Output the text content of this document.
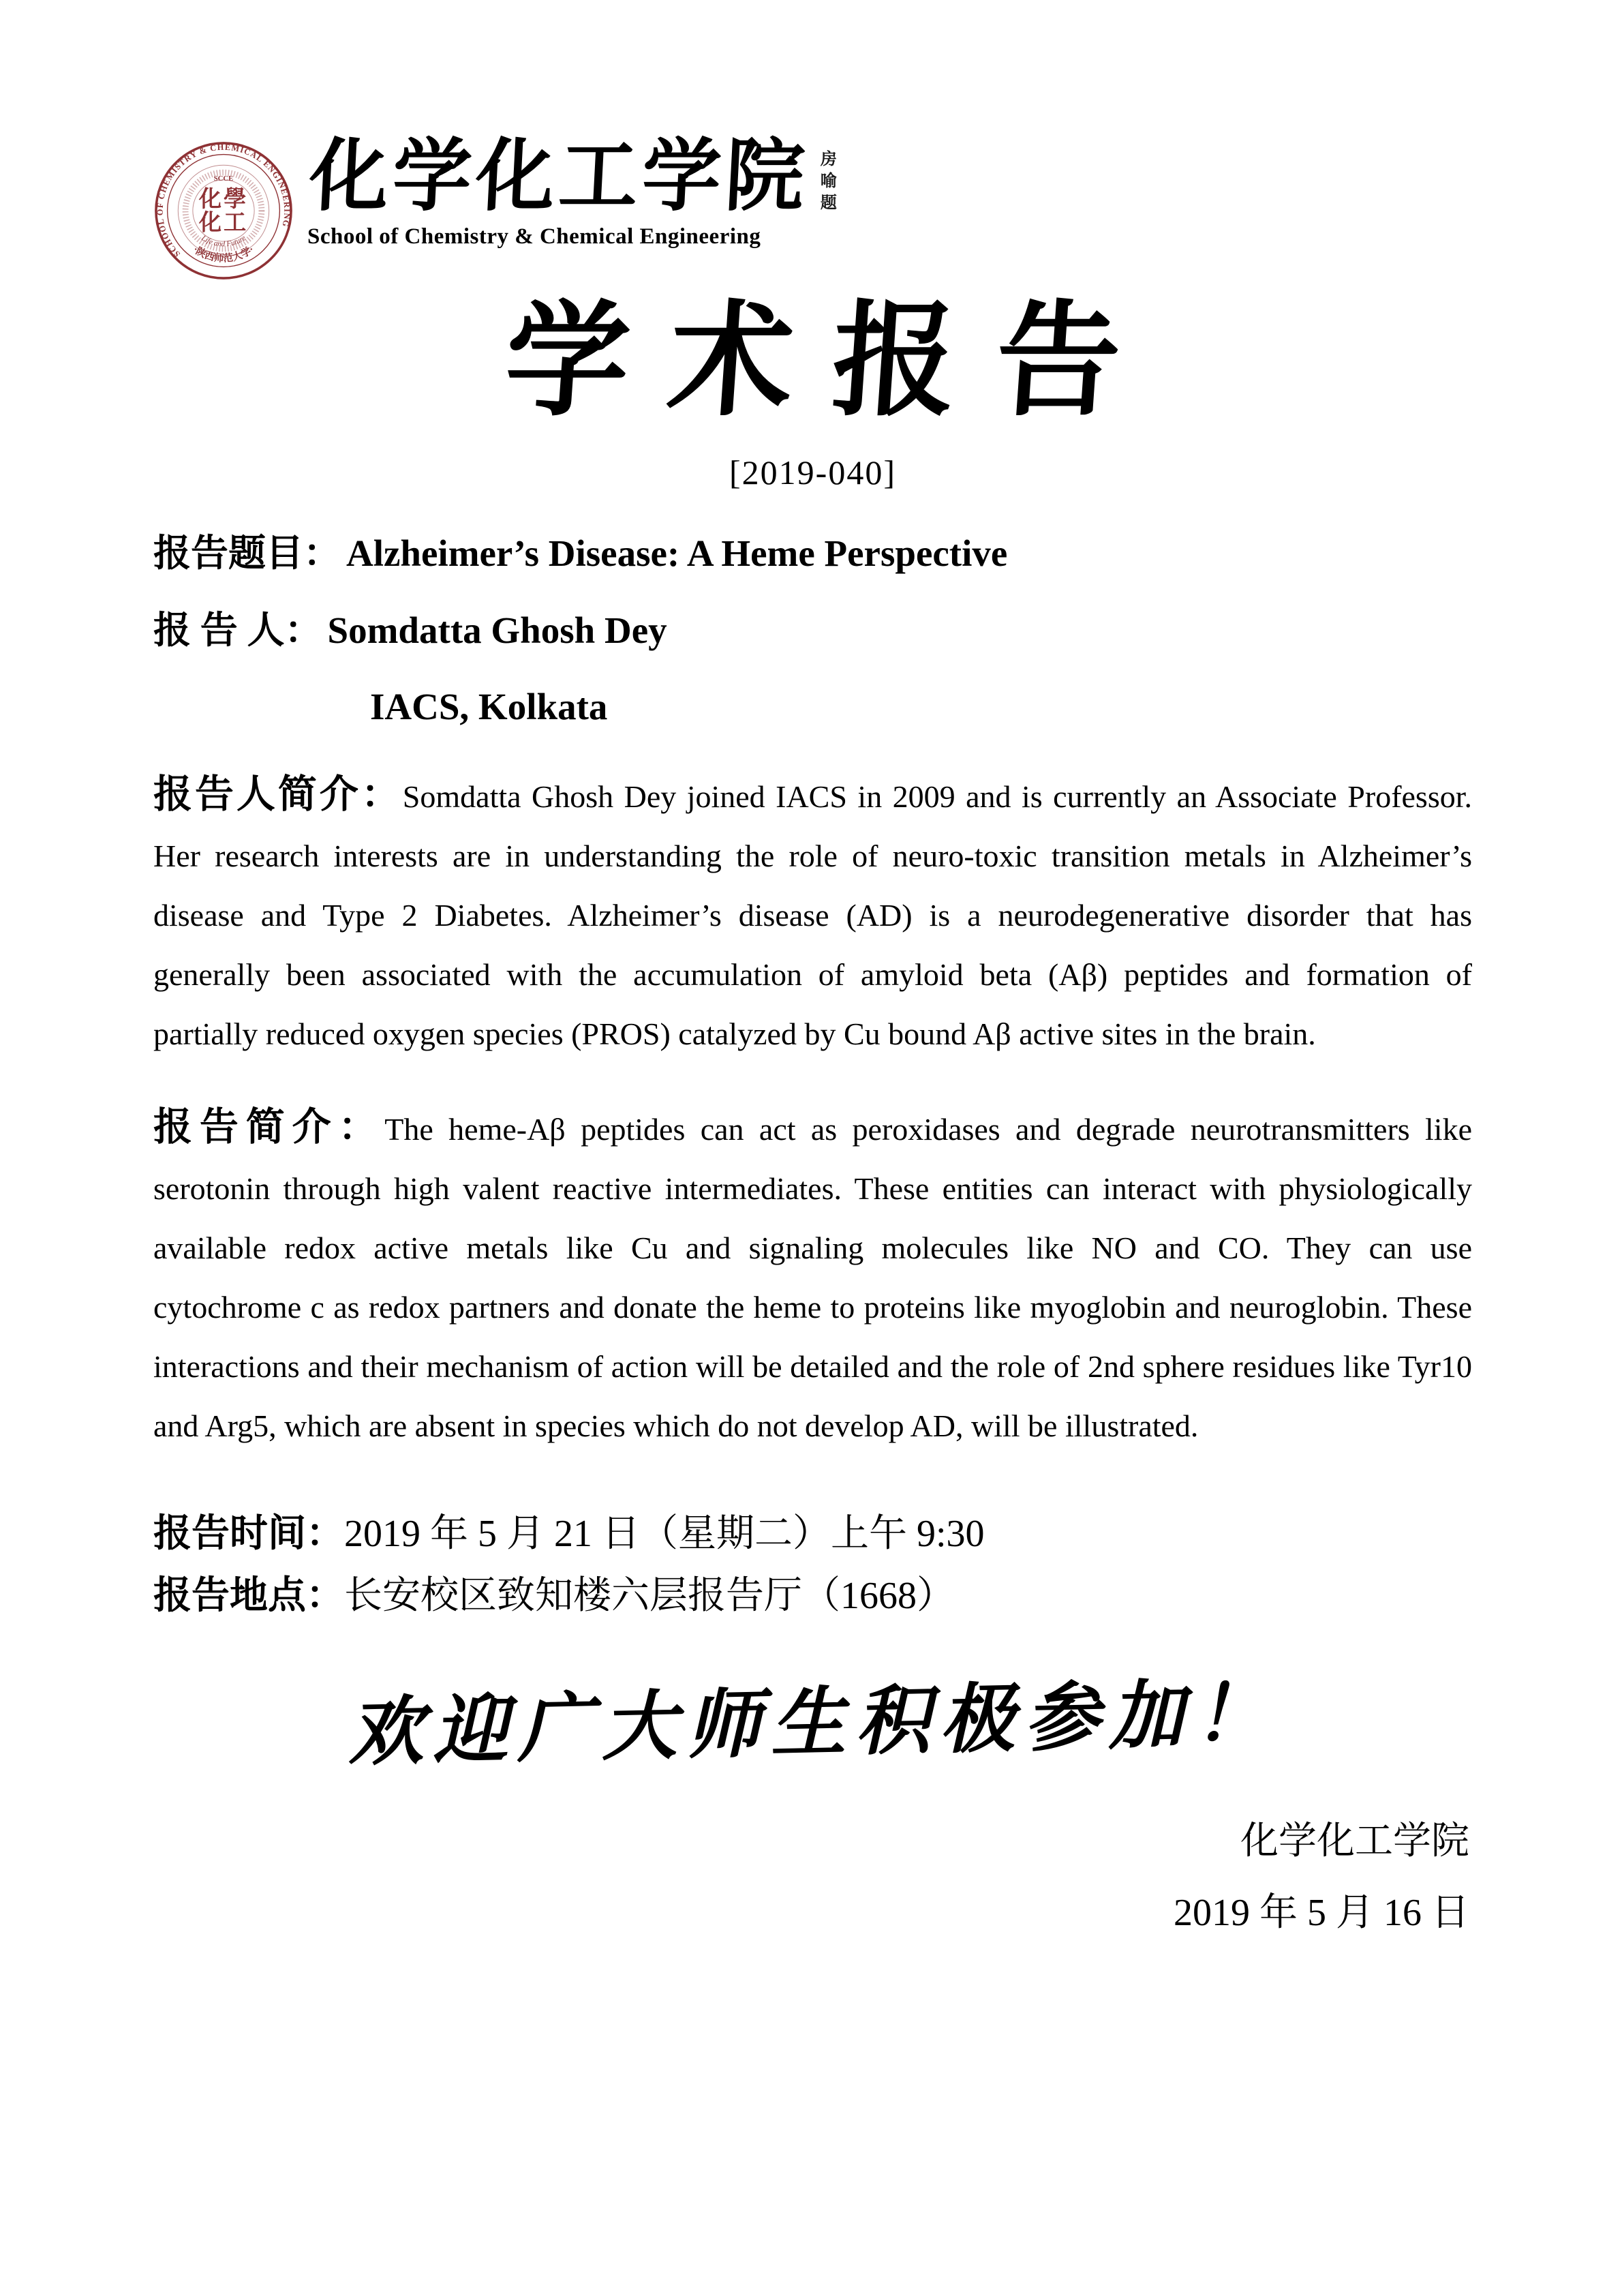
SCHOOL OF CHEMISTRY & CHEMICAL ENGINEERING
·陕西师范大学·
SCCE
化學
化工
Life and Future
化学化工学院
School of Chemistry & Chemical Engineering
房喻题
学术报告
[2019-040]
报告题目： Alzheimer’s Disease: A Heme Perspective
报 告 人： Somdatta Ghosh Dey
IACS, Kolkata

报告人简介：Somdatta Ghosh Dey joined IACS in 2009 and is currently an Associate Professor. Her research interests are in understanding the role of neuro-toxic transition metals in Alzheimer’s disease and Type 2 Diabetes. Alzheimer’s disease (AD) is a neurodegenerative disorder that has generally been associated with the accumulation of amyloid beta (Aβ) peptides and formation of partially reduced oxygen species (PROS) catalyzed by Cu bound Aβ active sites in the brain.

报告简介：The heme-Aβ peptides can act as peroxidases and degrade neurotransmitters like serotonin through high valent reactive intermediates. These entities can interact with physiologically available redox active metals like Cu and signaling molecules like NO and CO. They can use cytochrome c as redox partners and donate the heme to proteins like myoglobin and neuroglobin. These interactions and their mechanism of action will be detailed and the role of 2nd sphere residues like Tyr10 and Arg5, which are absent in species which do not develop AD, will be illustrated.

报告时间：2019 年 5 月 21 日（星期二）上午 9:30
报告地点：长安校区致知楼六层报告厅（1668）
欢迎广大师生积极参加！
化学化工学院
2019 年 5 月 16 日
